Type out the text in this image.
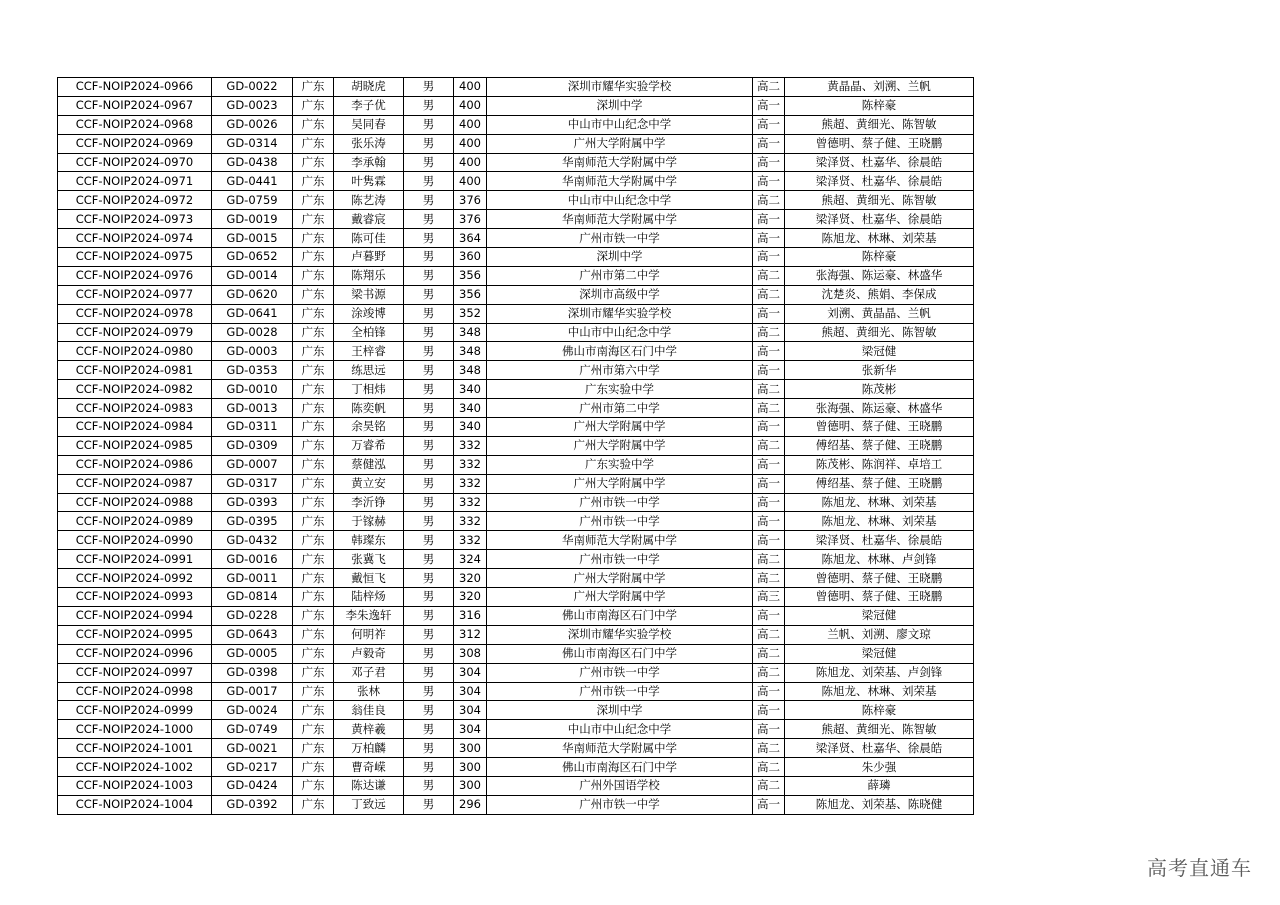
CCF-NOIP2024-0966	GD-0022	广东	胡晓虎	男	400	深圳市耀华实验学校	高二	黄晶晶、刘溯、兰帆
CCF-NOIP2024-0967	GD-0023	广东	李子优	男	400	深圳中学	高一	陈梓豪
CCF-NOIP2024-0968	GD-0026	广东	吴同春	男	400	中山市中山纪念中学	高一	熊超、黄细光、陈智敏
CCF-NOIP2024-0969	GD-0314	广东	张乐涛	男	400	广州大学附属中学	高一	曾德明、蔡子健、王晓鹏
CCF-NOIP2024-0970	GD-0438	广东	李承翰	男	400	华南师范大学附属中学	高一	梁泽贤、杜嘉华、徐晨皓
CCF-NOIP2024-0971	GD-0441	广东	叶隽霖	男	400	华南师范大学附属中学	高一	梁泽贤、杜嘉华、徐晨皓
CCF-NOIP2024-0972	GD-0759	广东	陈艺涛	男	376	中山市中山纪念中学	高二	熊超、黄细光、陈智敏
CCF-NOIP2024-0973	GD-0019	广东	戴睿宸	男	376	华南师范大学附属中学	高一	梁泽贤、杜嘉华、徐晨皓
CCF-NOIP2024-0974	GD-0015	广东	陈可佳	男	364	广州市铁一中学	高一	陈旭龙、林琳、刘荣基
CCF-NOIP2024-0975	GD-0652	广东	卢暮野	男	360	深圳中学	高一	陈梓豪
CCF-NOIP2024-0976	GD-0014	广东	陈翔乐	男	356	广州市第二中学	高二	张海强、陈运豪、林盛华
CCF-NOIP2024-0977	GD-0620	广东	梁书源	男	356	深圳市高级中学	高二	沈楚炎、熊娟、李保成
CCF-NOIP2024-0978	GD-0641	广东	涂竣博	男	352	深圳市耀华实验学校	高一	刘溯、黄晶晶、兰帆
CCF-NOIP2024-0979	GD-0028	广东	全柏锋	男	348	中山市中山纪念中学	高二	熊超、黄细光、陈智敏
CCF-NOIP2024-0980	GD-0003	广东	王梓睿	男	348	佛山市南海区石门中学	高一	梁冠健
CCF-NOIP2024-0981	GD-0353	广东	练思远	男	348	广州市第六中学	高一	张新华
CCF-NOIP2024-0982	GD-0010	广东	丁相炜	男	340	广东实验中学	高二	陈茂彬
CCF-NOIP2024-0983	GD-0013	广东	陈奕帆	男	340	广州市第二中学	高二	张海强、陈运豪、林盛华
CCF-NOIP2024-0984	GD-0311	广东	余昊铭	男	340	广州大学附属中学	高一	曾德明、蔡子健、王晓鹏
CCF-NOIP2024-0985	GD-0309	广东	万睿希	男	332	广州大学附属中学	高二	傅绍基、蔡子健、王晓鹏
CCF-NOIP2024-0986	GD-0007	广东	蔡健泓	男	332	广东实验中学	高一	陈茂彬、陈润祥、卓培工
CCF-NOIP2024-0987	GD-0317	广东	黄立安	男	332	广州大学附属中学	高一	傅绍基、蔡子健、王晓鹏
CCF-NOIP2024-0988	GD-0393	广东	李沂铮	男	332	广州市铁一中学	高一	陈旭龙、林琳、刘荣基
CCF-NOIP2024-0989	GD-0395	广东	于镓赫	男	332	广州市铁一中学	高一	陈旭龙、林琳、刘荣基
CCF-NOIP2024-0990	GD-0432	广东	韩璨东	男	332	华南师范大学附属中学	高一	梁泽贤、杜嘉华、徐晨皓
CCF-NOIP2024-0991	GD-0016	广东	张冀飞	男	324	广州市铁一中学	高二	陈旭龙、林琳、卢剑锋
CCF-NOIP2024-0992	GD-0011	广东	戴恒飞	男	320	广州大学附属中学	高二	曾德明、蔡子健、王晓鹏
CCF-NOIP2024-0993	GD-0814	广东	陆梓炀	男	320	广州大学附属中学	高三	曾德明、蔡子健、王晓鹏
CCF-NOIP2024-0994	GD-0228	广东	李朱逸轩	男	316	佛山市南海区石门中学	高一	梁冠健
CCF-NOIP2024-0995	GD-0643	广东	何明祚	男	312	深圳市耀华实验学校	高二	兰帆、刘溯、廖文琼
CCF-NOIP2024-0996	GD-0005	广东	卢毅奇	男	308	佛山市南海区石门中学	高二	梁冠健
CCF-NOIP2024-0997	GD-0398	广东	邓子君	男	304	广州市铁一中学	高二	陈旭龙、刘荣基、卢剑锋
CCF-NOIP2024-0998	GD-0017	广东	张林	男	304	广州市铁一中学	高一	陈旭龙、林琳、刘荣基
CCF-NOIP2024-0999	GD-0024	广东	翁佳良	男	304	深圳中学	高一	陈梓豪
CCF-NOIP2024-1000	GD-0749	广东	黄梓羲	男	304	中山市中山纪念中学	高一	熊超、黄细光、陈智敏
CCF-NOIP2024-1001	GD-0021	广东	万柏麟	男	300	华南师范大学附属中学	高二	梁泽贤、杜嘉华、徐晨皓
CCF-NOIP2024-1002	GD-0217	广东	曹奇嵘	男	300	佛山市南海区石门中学	高二	朱少强
CCF-NOIP2024-1003	GD-0424	广东	陈达谦	男	300	广州外国语学校	高二	薛璘
CCF-NOIP2024-1004	GD-0392	广东	丁致远	男	296	广州市铁一中学	高一	陈旭龙、刘荣基、陈晓健
高考直通车
